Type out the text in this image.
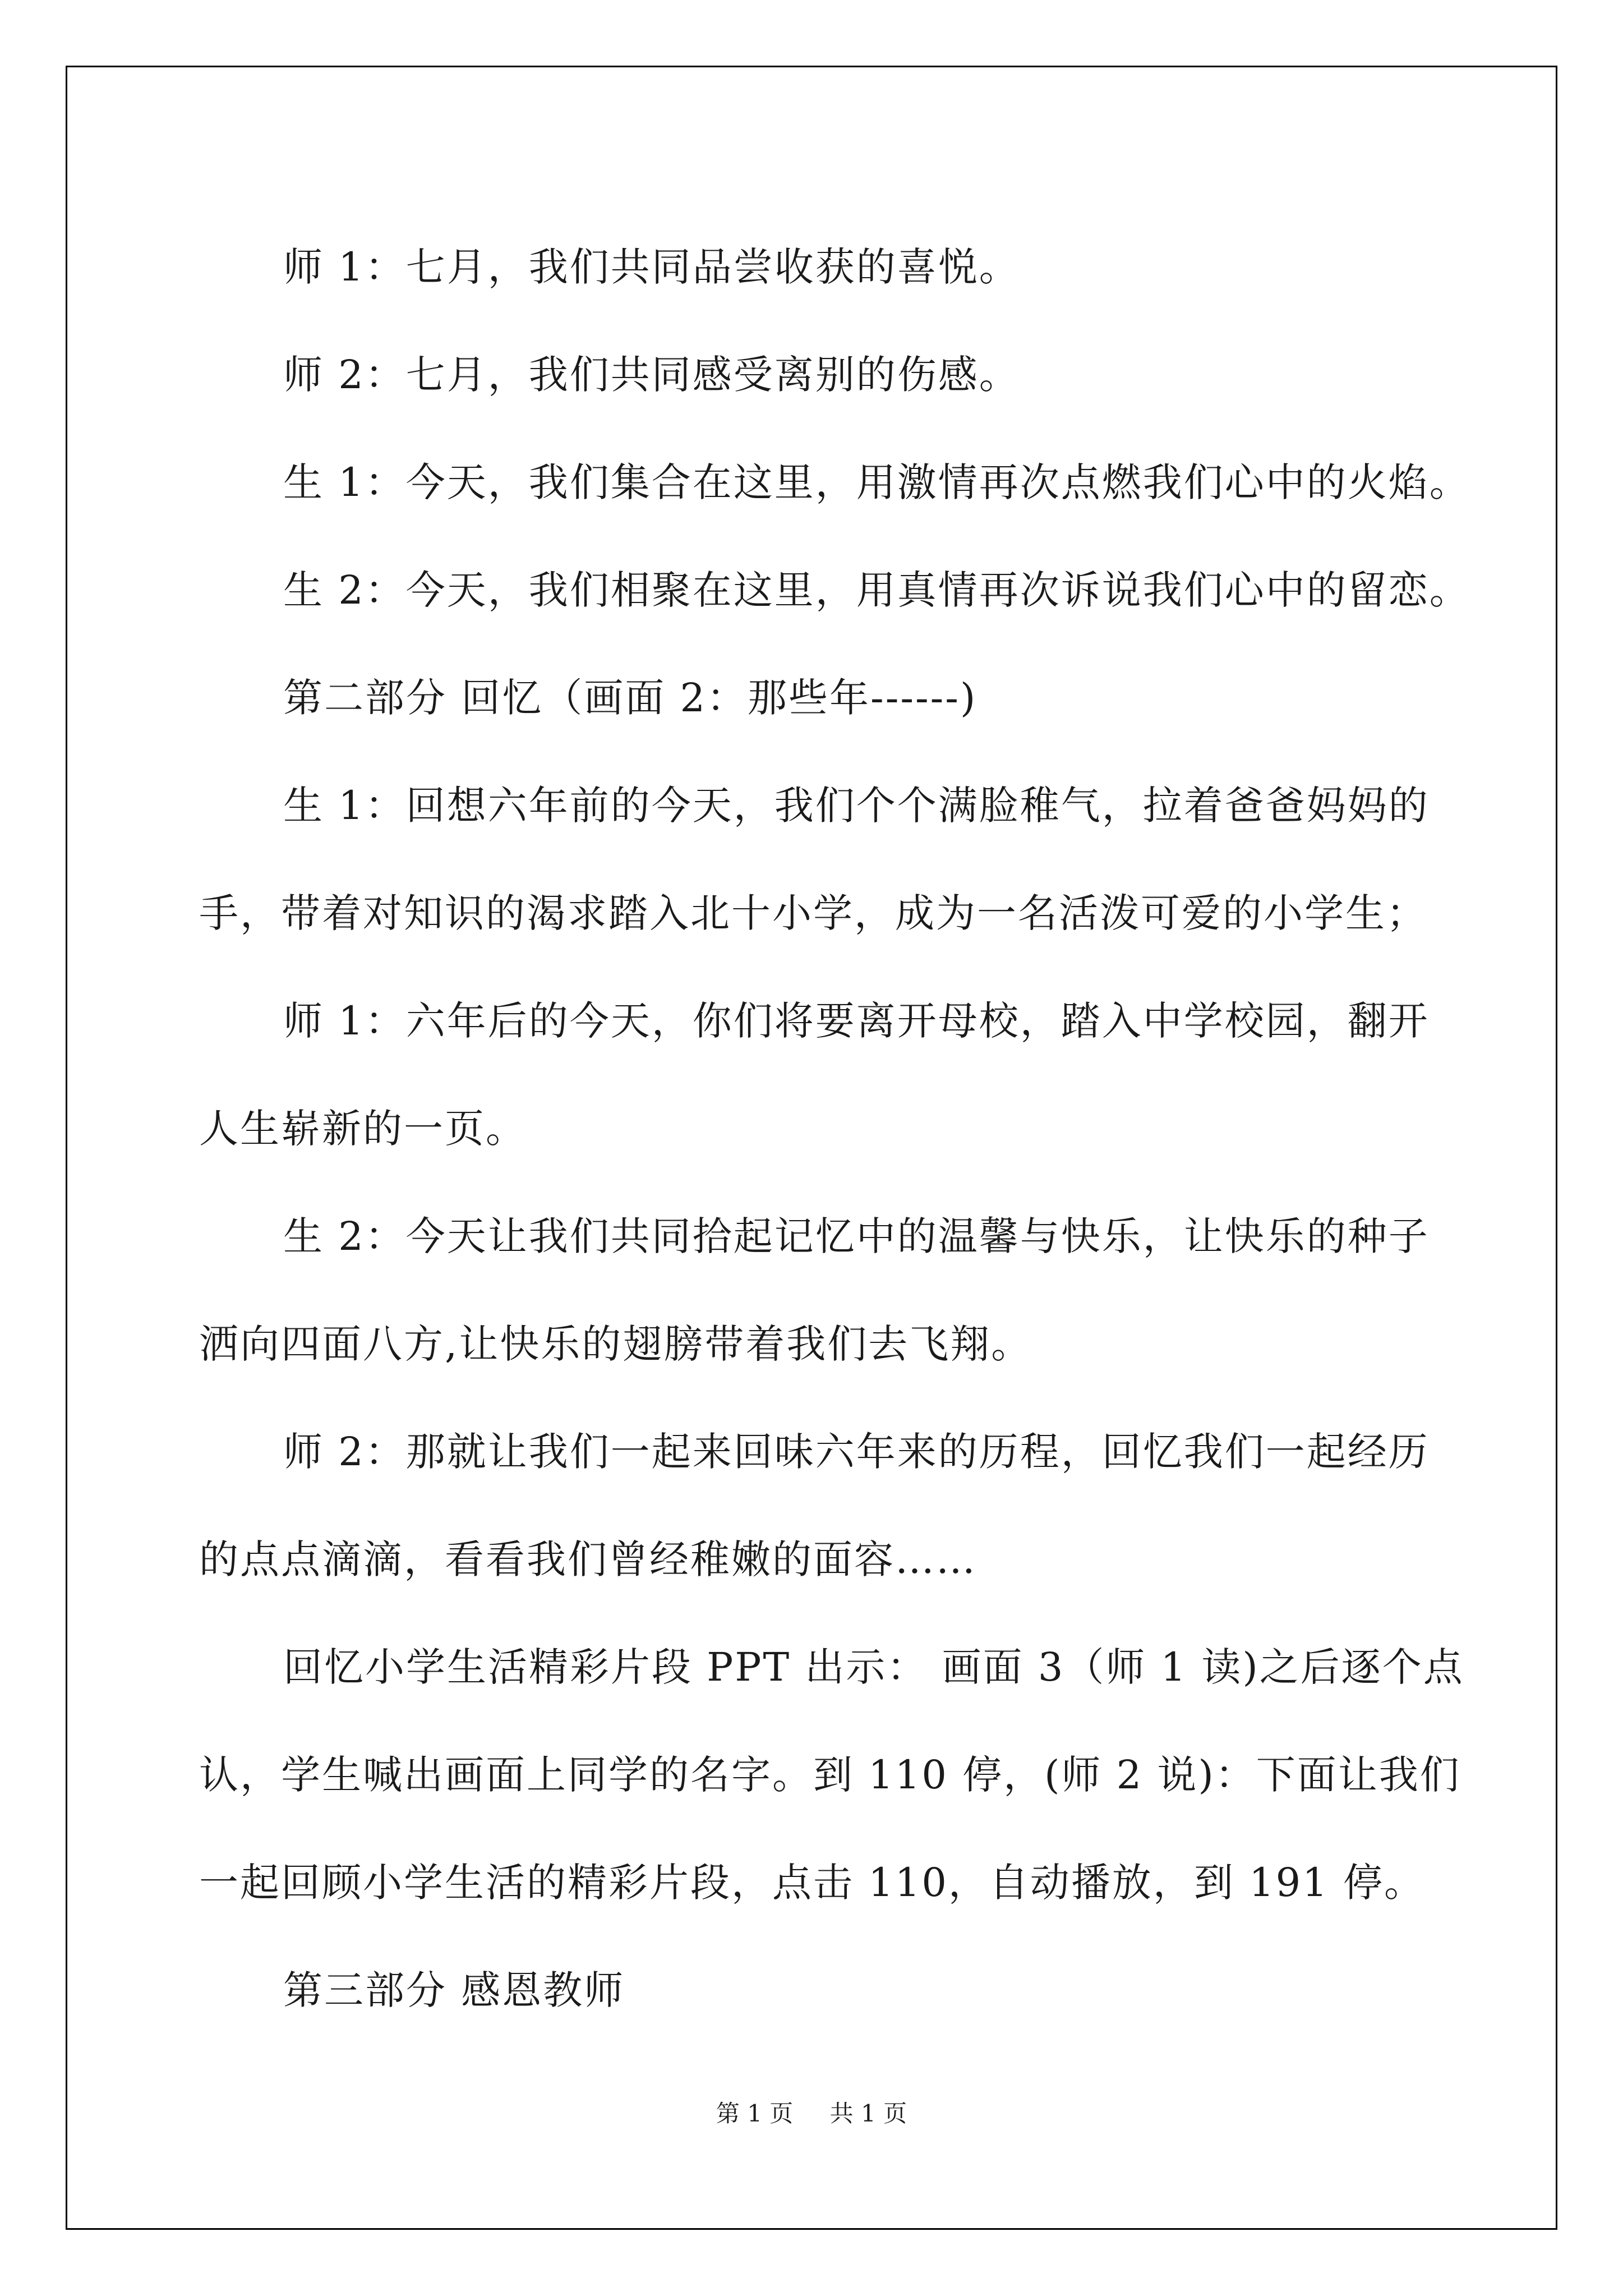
师 1：七月，我们共同品尝收获的喜悦。

师 2：七月，我们共同感受离别的伤感。

生 1：今天，我们集合在这里，用激情再次点燃我们心中的火焰。

生 2：今天，我们相聚在这里，用真情再次诉说我们心中的留恋。

第二部分 回忆（画面 2：那些年------)

生 1：回想六年前的今天，我们个个满脸稚气，拉着爸爸妈妈的

手，带着对知识的渴求踏入北十小学，成为一名活泼可爱的小学生；

师 1：六年后的今天，你们将要离开母校，踏入中学校园，翻开

人生崭新的一页。

生 2：今天让我们共同拾起记忆中的温馨与快乐，让快乐的种子

洒向四面八方,让快乐的翅膀带着我们去飞翔。

师 2：那就让我们一起来回味六年来的历程，回忆我们一起经历

的点点滴滴，看看我们曾经稚嫩的面容……

回忆小学生活精彩片段 PPT 出示： 画面 3（师 1 读)之后逐个点

认，学生喊出画面上同学的名字。到 110 停，(师 2 说)：下面让我们

一起回顾小学生活的精彩片段，点击 110，自动播放，到 191 停。

第三部分 感恩教师

第 1 页 共 1 页
